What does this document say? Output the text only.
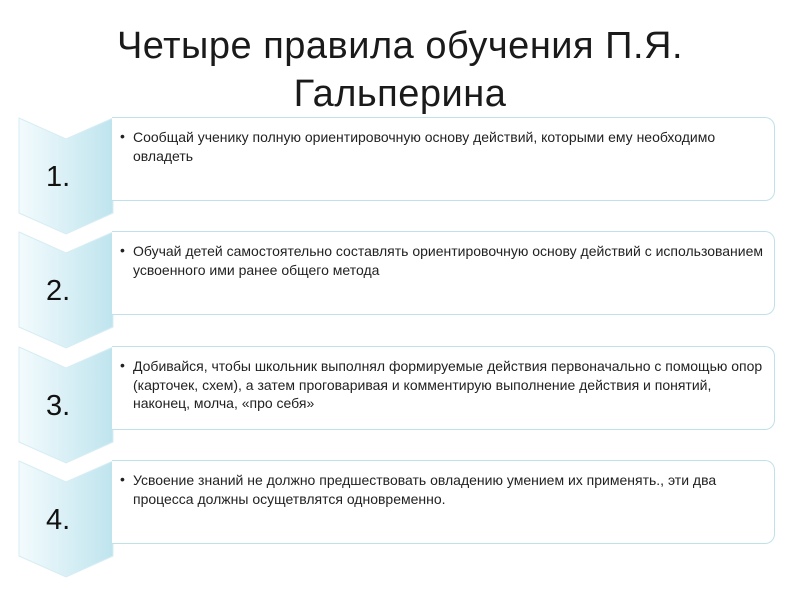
Четыре правила обучения П.Я. Гальперина
1.
• Сообщай ученику полную ориентировочную основу действий, которыми ему необходимо овладеть
2.
• Обучай детей самостоятельно составлять ориентировочную основу действий с использованием усвоенного ими ранее общего метода
3.
• Добивайся, чтобы школьник выполнял формируемые действия первоначально с помощью опор (карточек, схем), а затем проговаривая и комментирую выполнение действия и понятий, наконец, молча, «про себя»
4.
• Усвоение знаний не должно предшествовать овладению умением их применять., эти два процесса должны осущетвлятся одновременно.
